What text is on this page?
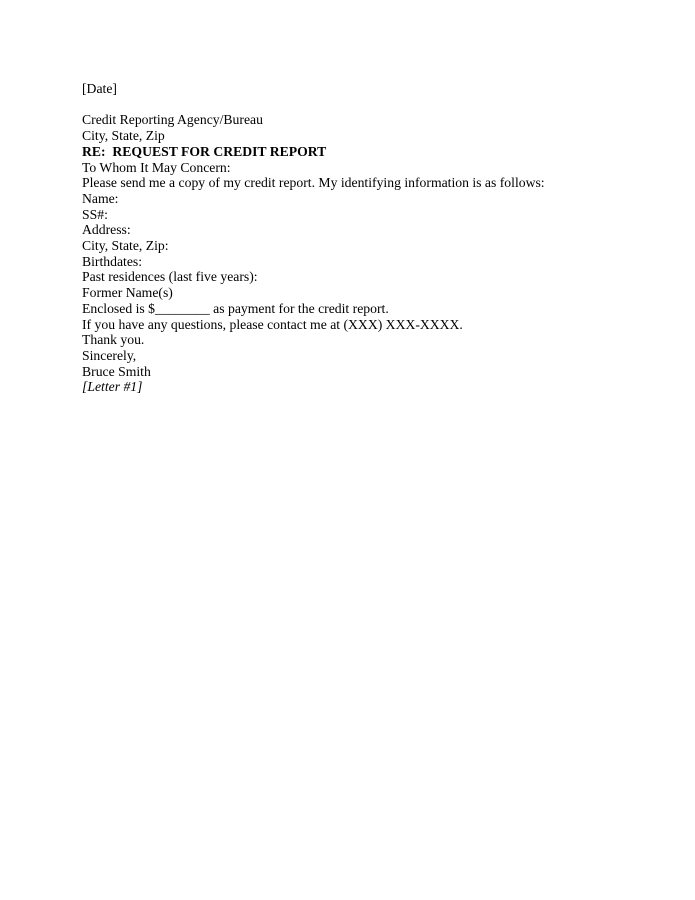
[Date]

Credit Reporting Agency/Bureau

City, State, Zip

RE:  REQUEST FOR CREDIT REPORT

To Whom It May Concern:

Please send me a copy of my credit report. My identifying information is as follows:

Name:

SS#:

Address:

City, State, Zip:

Birthdates:

Past residences (last five years):

Former Name(s)

Enclosed is $________ as payment for the credit report.

If you have any questions, please contact me at (XXX) XXX-XXXX.

Thank you.

Sincerely,

Bruce Smith

[Letter #1]
